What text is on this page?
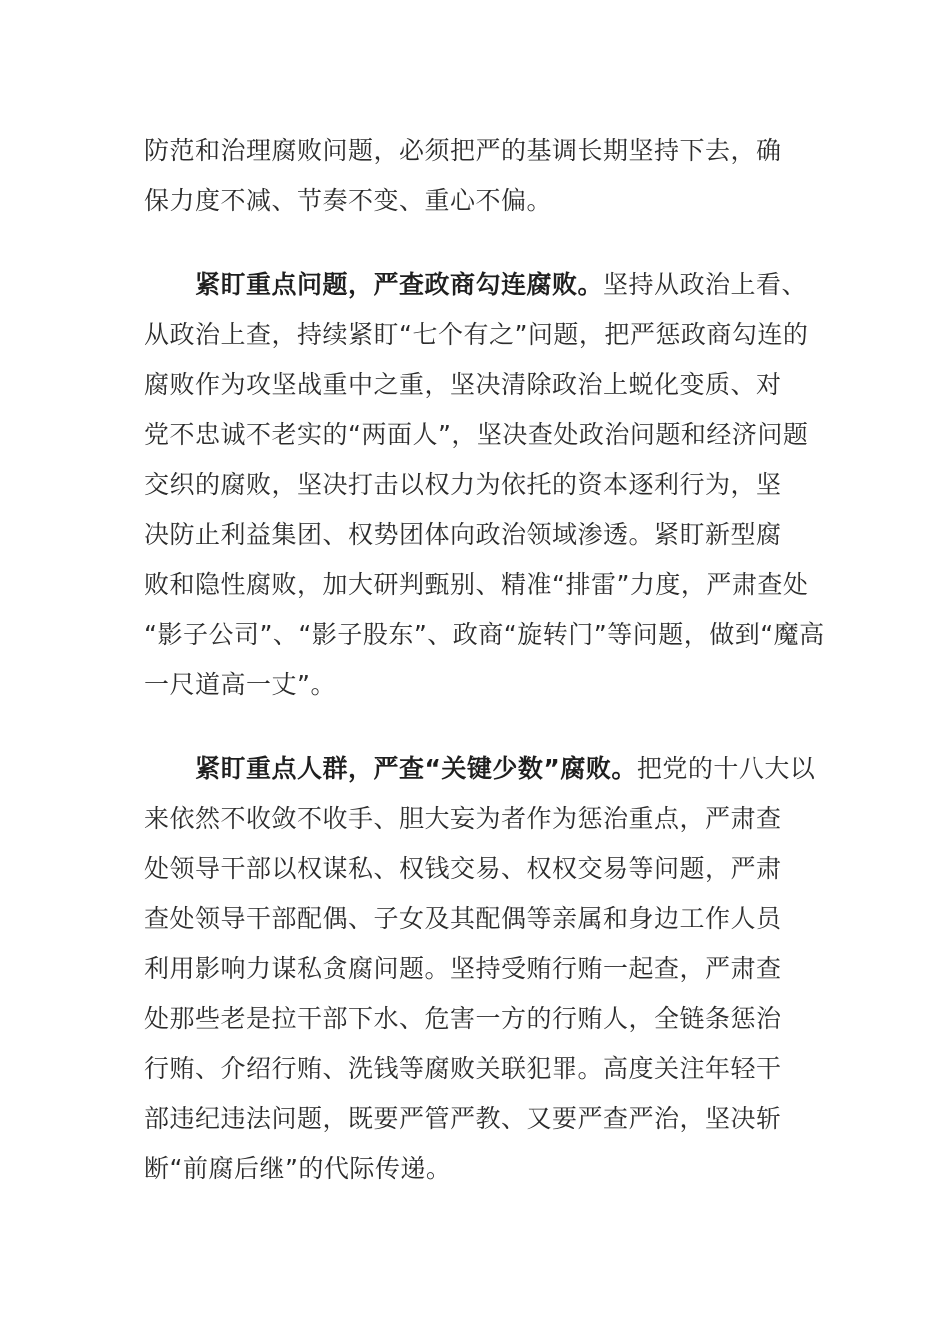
防范和治理腐败问题，必须把严的基调长期坚持下去，确
保力度不减、节奏不变、重心不偏。
紧盯重点问题，严查政商勾连腐败。坚持从政治上看、
从政治上查，持续紧盯“七个有之”问题，把严惩政商勾连的
腐败作为攻坚战重中之重，坚决清除政治上蜕化变质、对
党不忠诚不老实的“两面人”，坚决查处政治问题和经济问题
交织的腐败，坚决打击以权力为依托的资本逐利行为，坚
决防止利益集团、权势团体向政治领域渗透。紧盯新型腐
败和隐性腐败，加大研判甄别、精准“排雷”力度，严肃查处
“影子公司”、“影子股东”、政商“旋转门”等问题，做到“魔高
一尺道高一丈”。
紧盯重点人群，严查“关键少数”腐败。把党的十八大以
来依然不收敛不收手、胆大妄为者作为惩治重点，严肃查
处领导干部以权谋私、权钱交易、权权交易等问题，严肃
查处领导干部配偶、子女及其配偶等亲属和身边工作人员
利用影响力谋私贪腐问题。坚持受贿行贿一起查，严肃查
处那些老是拉干部下水、危害一方的行贿人，全链条惩治
行贿、介绍行贿、洗钱等腐败关联犯罪。高度关注年轻干
部违纪违法问题，既要严管严教、又要严查严治，坚决斩
断“前腐后继”的代际传递。
